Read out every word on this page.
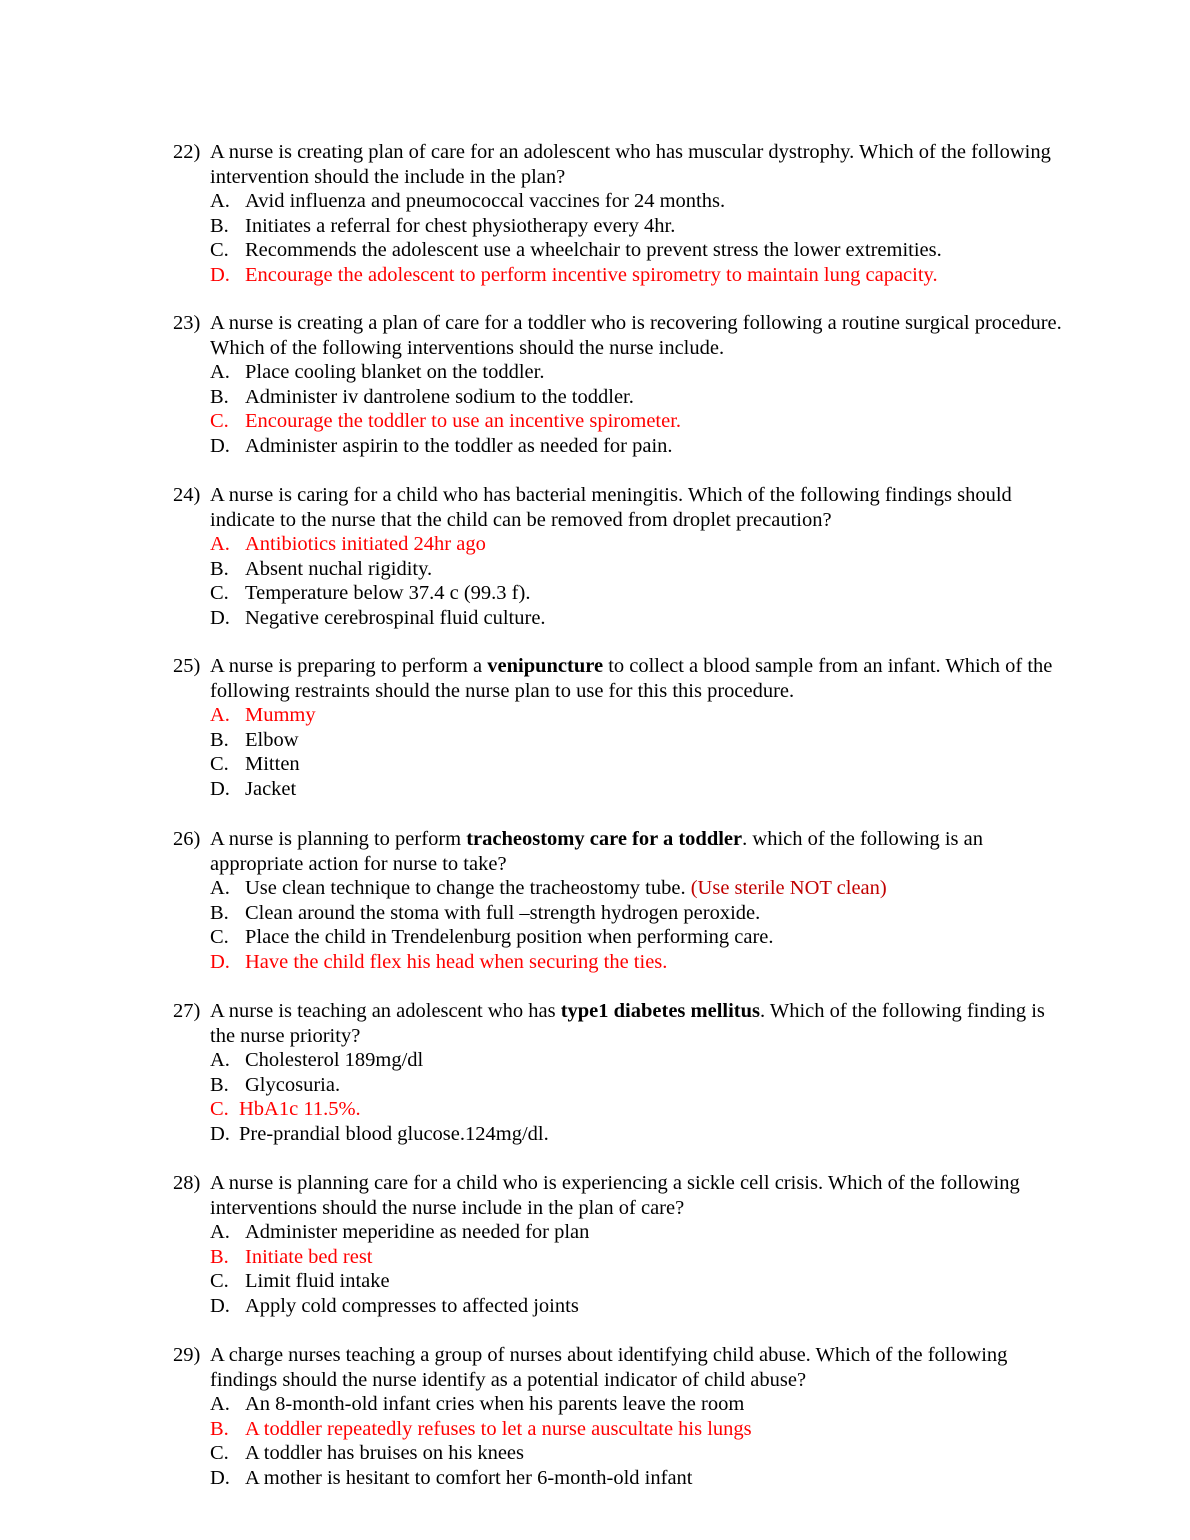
22) A nurse is creating plan of care for an adolescent who has muscular dystrophy. Which of the following intervention should the include in the plan?
A. Avid influenza and pneumococcal vaccines for 24 months.
B. Initiates a referral for chest physiotherapy every 4hr.
C. Recommends the adolescent use a wheelchair to prevent stress the lower extremities.
D. Encourage the adolescent to perform incentive spirometry to maintain lung capacity.
23) A nurse is creating a plan of care for a toddler who is recovering following a routine surgical procedure. Which of the following interventions should the nurse include.
A. Place cooling blanket on the toddler.
B. Administer iv dantrolene sodium to the toddler.
C. Encourage the toddler to use an incentive spirometer.
D. Administer aspirin to the toddler as needed for pain.
24) A nurse is caring for a child who has bacterial meningitis. Which of the following findings should indicate to the nurse that the child can be removed from droplet precaution?
A. Antibiotics initiated 24hr ago
B. Absent nuchal rigidity.
C. Temperature below 37.4 c (99.3 f).
D. Negative cerebrospinal fluid culture.
25) A nurse is preparing to perform a venipuncture to collect a blood sample from an infant. Which of the following restraints should the nurse plan to use for this this procedure.
A. Mummy
B. Elbow
C. Mitten
D. Jacket
26) A nurse is planning to perform tracheostomy care for a toddler. which of the following is an appropriate action for nurse to take?
A. Use clean technique to change the tracheostomy tube. (Use sterile NOT clean)
B. Clean around the stoma with full –strength hydrogen peroxide.
C. Place the child in Trendelenburg position when performing care.
D. Have the child flex his head when securing the ties.
27) A nurse is teaching an adolescent who has type1 diabetes mellitus. Which of the following finding is the nurse priority?
A. Cholesterol 189mg/dl
B. Glycosuria.
C. HbA1c 11.5%.
D. Pre-prandial blood glucose.124mg/dl.
28) A nurse is planning care for a child who is experiencing a sickle cell crisis. Which of the following interventions should the nurse include in the plan of care?
A. Administer meperidine as needed for plan
B. Initiate bed rest
C. Limit fluid intake
D. Apply cold compresses to affected joints
29) A charge nurses teaching a group of nurses about identifying child abuse. Which of the following findings should the nurse identify as a potential indicator of child abuse?
A. An 8-month-old infant cries when his parents leave the room
B. A toddler repeatedly refuses to let a nurse auscultate his lungs
C. A toddler has bruises on his knees
D. A mother is hesitant to comfort her 6-month-old infant
